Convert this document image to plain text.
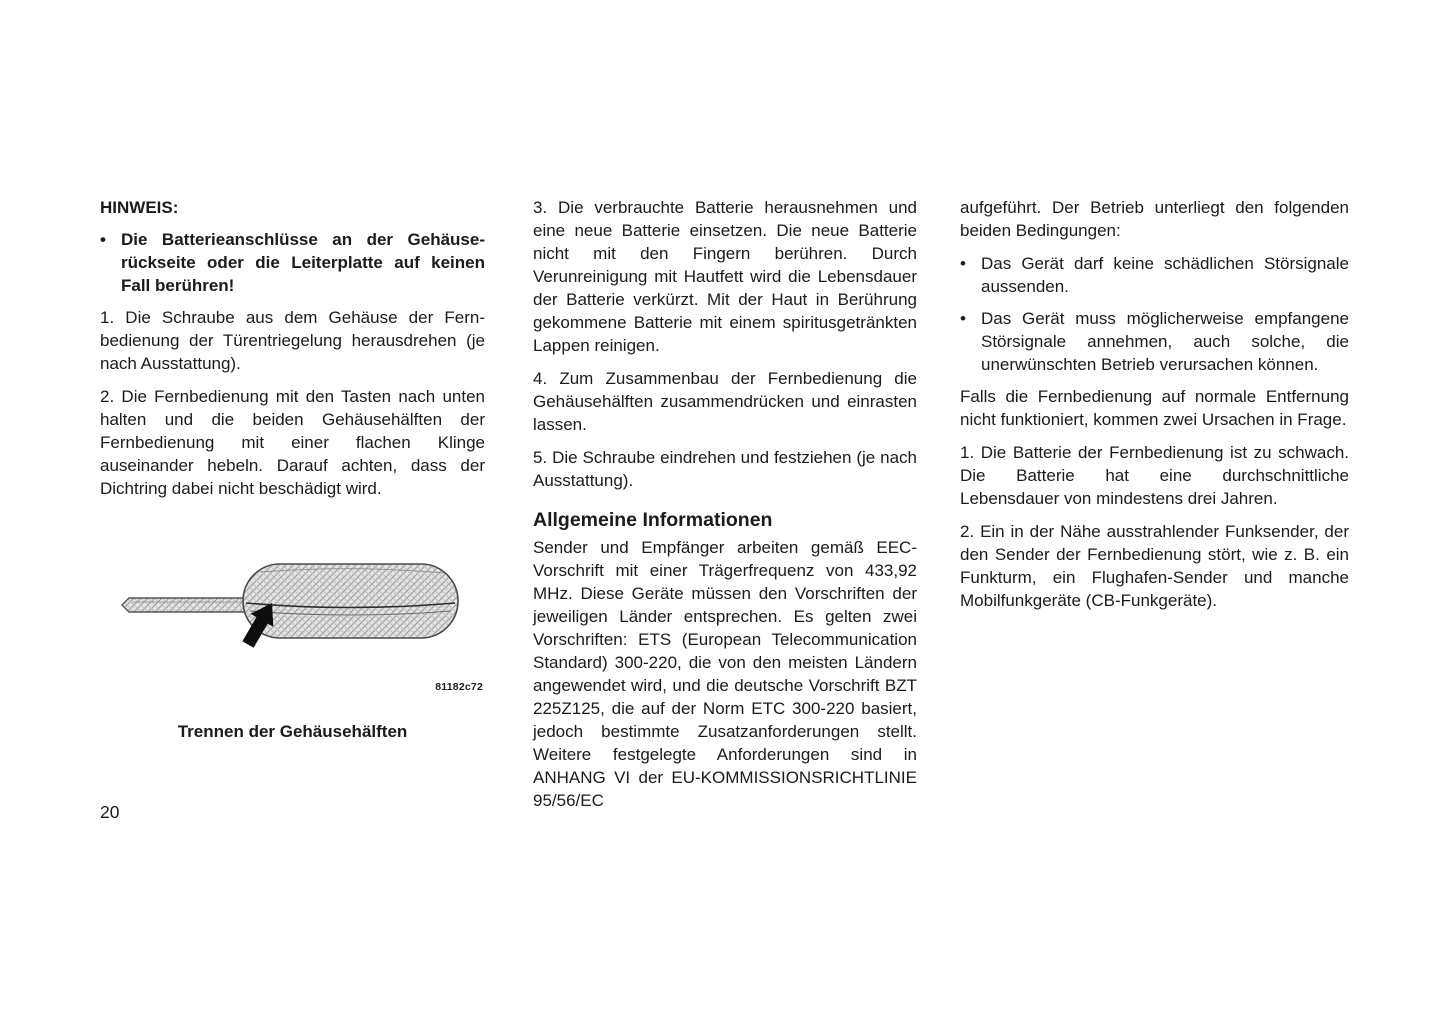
HINWEIS:

• Die Batterieanschlüsse an der Gehäuserückseite oder die Leiterplatte auf keinen Fall berühren!

1. Die Schraube aus dem Gehäuse der Fernbedienung der Türentriegelung herausdrehen (je nach Ausstattung).

2. Die Fernbedienung mit den Tasten nach unten halten und die beiden Gehäusehälften der Fernbedienung mit einer flachen Klinge auseinander hebeln. Darauf achten, dass der Dichtring dabei nicht beschädigt wird.

81182c72
Trennen der Gehäusehälften

3. Die verbrauchte Batterie herausnehmen und eine neue Batterie einsetzen. Die neue Batterie nicht mit den Fingern berühren. Durch Verunreinigung mit Hautfett wird die Lebensdauer der Batterie verkürzt. Mit der Haut in Berührung gekommene Batterie mit einem spiritusgetränkten Lappen reinigen.

4. Zum Zusammenbau der Fernbedienung die Gehäusehälften zusammendrücken und einrasten lassen.

5. Die Schraube eindrehen und festziehen (je nach Ausstattung).

Allgemeine Informationen

Sender und Empfänger arbeiten gemäß EEC-Vorschrift mit einer Trägerfrequenz von 433,92 MHz. Diese Geräte müssen den Vorschriften der jeweiligen Länder entsprechen. Es gelten zwei Vorschriften: ETS (European Telecommunication Standard) 300-220, die von den meisten Ländern angewendet wird, und die deutsche Vorschrift BZT 225Z125, die auf der Norm ETC 300-220 basiert, jedoch bestimmte Zusatzanforderungen stellt. Weitere festgelegte Anforderungen sind in ANHANG VI der EU-KOMMISSIONSRICHTLINIE 95/56/EC

aufgeführt. Der Betrieb unterliegt den folgenden beiden Bedingungen:

• Das Gerät darf keine schädlichen Störsignale aussenden.
• Das Gerät muss möglicherweise empfangene Störsignale annehmen, auch solche, die unerwünschten Betrieb verursachen können.

Falls die Fernbedienung auf normale Entfernung nicht funktioniert, kommen zwei Ursachen in Frage.

1. Die Batterie der Fernbedienung ist zu schwach. Die Batterie hat eine durchschnittliche Lebensdauer von mindestens drei Jahren.

2. Ein in der Nähe ausstrahlender Funksender, der den Sender der Fernbedienung stört, wie z. B. ein Funkturm, ein Flughafen-Sender und manche Mobilfunkgeräte (CB-Funkgeräte).

20
